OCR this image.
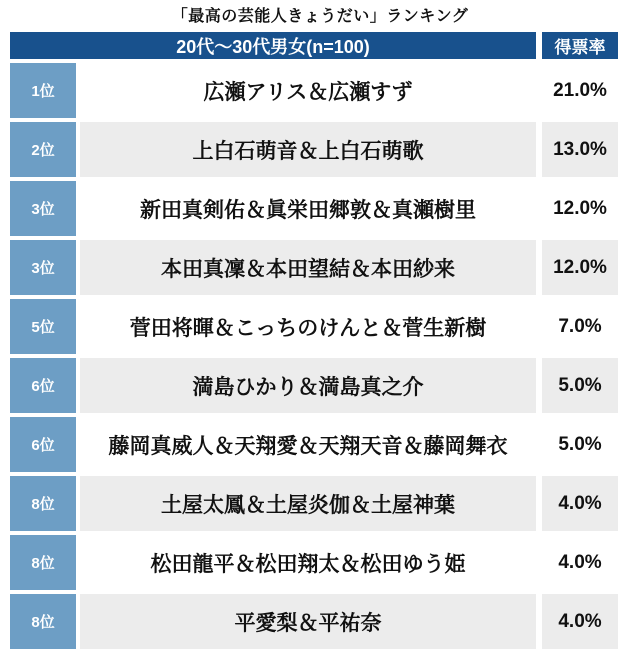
「最高の芸能人きょうだい」ランキング
20代〜30代男女(n=100)	得票率
1位	広瀬アリス＆広瀬すず	21.0%
2位	上白石萌音＆上白石萌歌	13.0%
3位	新田真剣佑＆眞栄田郷敦＆真瀬樹里	12.0%
3位	本田真凜＆本田望結＆本田紗来	12.0%
5位	菅田将暉＆こっちのけんと＆菅生新樹	7.0%
6位	満島ひかり＆満島真之介	5.0%
6位	藤岡真威人＆天翔愛＆天翔天音＆藤岡舞衣	5.0%
8位	土屋太鳳＆土屋炎伽＆土屋神葉	4.0%
8位	松田龍平＆松田翔太＆松田ゆう姫	4.0%
8位	平愛梨＆平祐奈	4.0%
